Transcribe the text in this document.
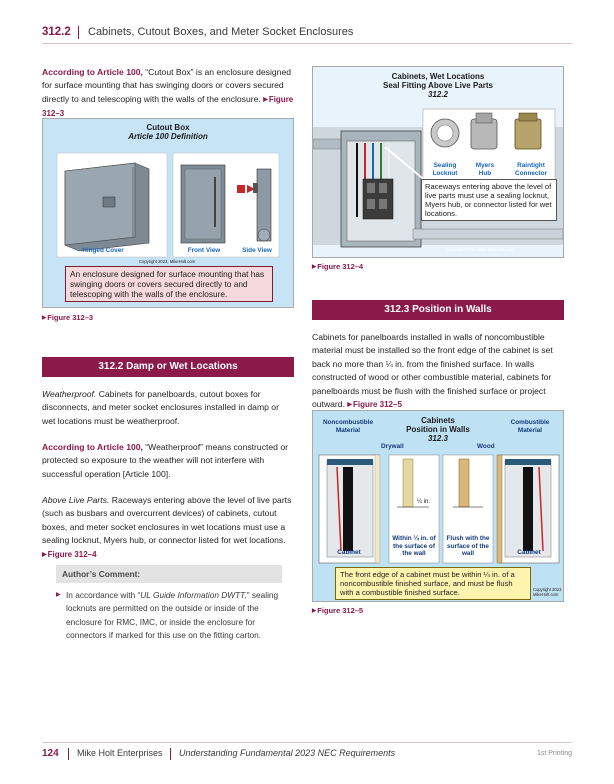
312.2 Cabinets, Cutout Boxes, and Meter Socket Enclosures
According to Article 100, “Cutout Box” is an enclosure designed for surface mounting that has swinging doors or covers secured directly to and telescoping with the walls of the enclosure. ▶ Figure 312–3
Cutout Box
Article 100 Definition
ON
OFF
Hinged Cover	Front View	Side View
Copyright 2023, MikeHolt.com
An enclosure designed for surface mounting that has swinging doors or covers secured directly to and telescoping with the walls of the enclosure.
▶ Figure 312–3
312.2 Damp or Wet Locations
Weatherproof. Cabinets for panelboards, cutout boxes for disconnects, and meter socket enclosures installed in damp or wet locations must be weatherproof.
According to Article 100, “Weatherproof” means constructed or protected so exposure to the weather will not interfere with successful operation [Article 100].
Above Live Parts. Raceways entering above the level of live parts (such as busbars and overcurrent devices) of cabinets, cutout boxes, and meter socket enclosures in wet locations must use a sealing locknut, Myers hub, or connector listed for wet locations. ▶ Figure 312–4
Author’s Comment:
▶ In accordance with “UL Guide Information DWTT,” sealing locknuts are permitted on the outside or inside of the enclosure for RMC, IMC, or inside the enclosure for connectors if marked for this use on the fitting carton.
Cabinets, Wet Locations
Seal Fitting Above Live Parts
312.2
Sealing Locknut
Myers Hub
Raintight Connector
Raceways entering above the level of live parts must use a sealing locknut, Myers hub, or connector listed for wet locations.
Copyright 2023, www.MikeHolt.com
▶ Figure 312–4
312.3 Position in Walls
Cabinets for panelboards installed in walls of noncombustible material must be installed so the front edge of the cabinet is set back no more than ¼ in. from the finished surface. In walls constructed of wood or other combustible material, cabinets for panelboards must be flush with the finished surface or project outward. ▶ Figure 312–5
Cabinets
Position in Walls
312.3
Noncombustible Material
Combustible Material
Drywall	Wood
¼ in.
Cabinet	Cabinet
Within ¼ in. of the surface of the wall
Flush with the surface of the wall
The front edge of a cabinet must be within ¼ in. of a noncombustible finished surface, and must be flush with a combustible finished surface.	Copyright 2023 MikeHolt.com
▶ Figure 312–5
124 Mike Holt Enterprises Understanding Fundamental 2023 NEC Requirements	1st Printing
